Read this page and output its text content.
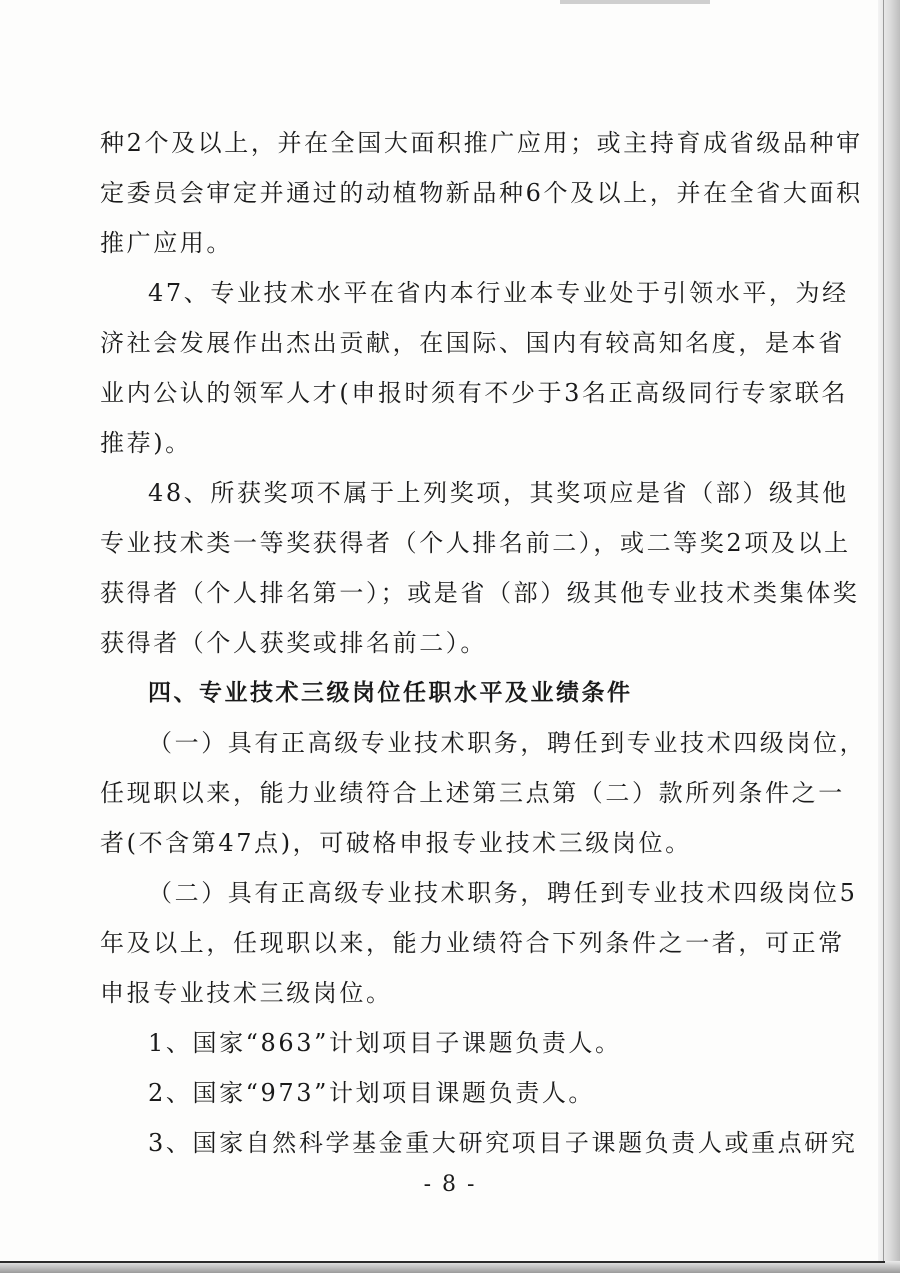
种2个及以上，并在全国大面积推广应用；或主持育成省级品种审
定委员会审定并通过的动植物新品种6个及以上，并在全省大面积
推广应用。
47、专业技术水平在省内本行业本专业处于引领水平，为经
济社会发展作出杰出贡献，在国际、国内有较高知名度，是本省
业内公认的领军人才(申报时须有不少于3名正高级同行专家联名
推荐)。
48、所获奖项不属于上列奖项，其奖项应是省（部）级其他
专业技术类一等奖获得者（个人排名前二），或二等奖2项及以上
获得者（个人排名第一）；或是省（部）级其他专业技术类集体奖
获得者（个人获奖或排名前二）。
四、专业技术三级岗位任职水平及业绩条件
（一）具有正高级专业技术职务，聘任到专业技术四级岗位，
任现职以来，能力业绩符合上述第三点第（二）款所列条件之一
者(不含第47点)，可破格申报专业技术三级岗位。
（二）具有正高级专业技术职务，聘任到专业技术四级岗位5
年及以上，任现职以来，能力业绩符合下列条件之一者，可正常
申报专业技术三级岗位。
1、国家“863”计划项目子课题负责人。
2、国家“973”计划项目课题负责人。
3、国家自然科学基金重大研究项目子课题负责人或重点研究
- 8 -
